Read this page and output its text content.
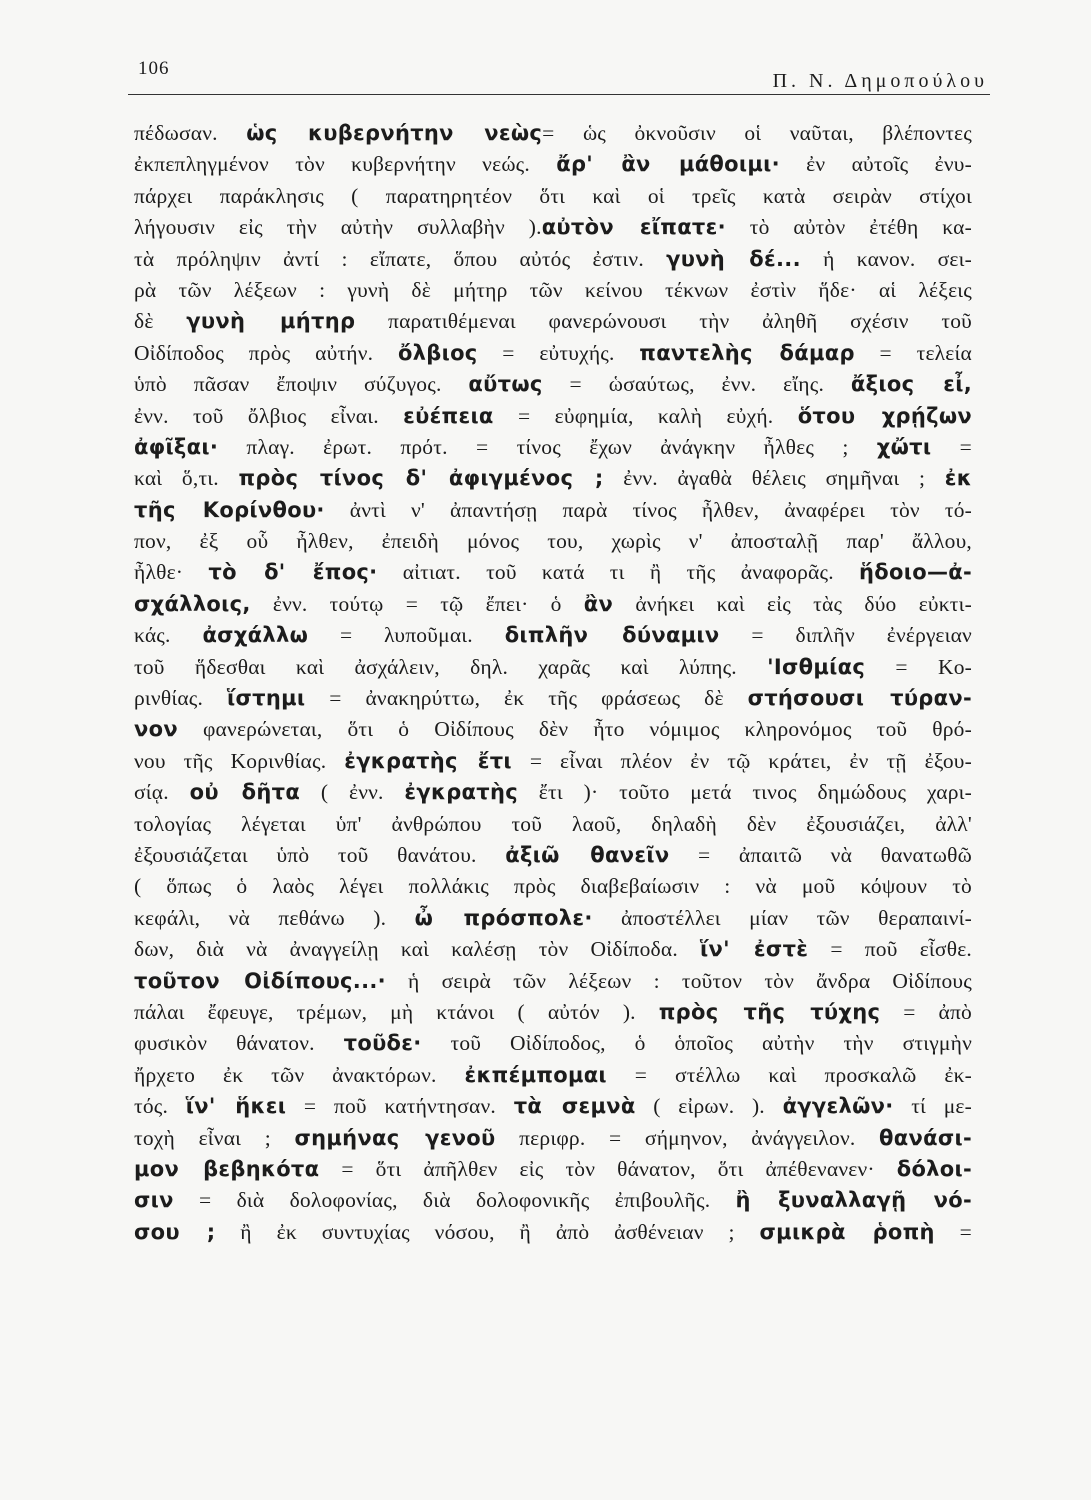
106
Π. Ν. Δημοπούλου
πέδωσαν. ὡς κυβερνήτην νεὼς= ὡς ὀκνοῦσιν οἱ ναῦται, βλέποντες
ἐκπεπληγμένον τὸν κυβερνήτην νεώς. ἄρ' ἂν μάθοιμι· ἐν αὐτοῖς ἐνυ-
πάρχει παράκλησις ( παρατηρητέον ὅτι καὶ οἱ τρεῖς κατὰ σειρὰν στίχοι
λήγουσιν εἰς τὴν αὐτὴν συλλαβὴν ).αὐτὸν εἴπατε· τὸ αὐτὸν ἐτέθη κα-
τὰ πρόληψιν ἀντί : εἴπατε, ὅπου αὐτός ἐστιν. γυνὴ δέ... ἡ κανον. σει-
ρὰ τῶν λέξεων : γυνὴ δὲ μήτηρ τῶν κείνου τέκνων ἐστὶν ἥδε· αἱ λέξεις
δὲ γυνὴ μήτηρ παρατιθέμεναι φανερώνουσι τὴν ἀληθῆ σχέσιν τοῦ
Οἰδίποδος πρὸς αὐτήν. ὄλβιος = εὐτυχής. παντελὴς δάμαρ = τελεία
ὑπὸ πᾶσαν ἔποψιν σύζυγος. αὔτως = ὡσαύτως, ἐνν. εἴης. ἄξιος εἶ,
ἐνν. τοῦ ὄλβιος εἶναι. εὐέπεια = εὐφημία, καλὴ εὐχή. ὅτου χρῄζων
ἀφῖξαι· πλαγ. ἐρωτ. πρότ. = τίνος ἔχων ἀνάγκην ἦλθες ; χὤτι =
καὶ ὅ,τι. πρὸς τίνος δ' ἀφιγμένος ; ἐνν. ἀγαθὰ θέλεις σημῆναι ; ἐκ
τῆς Κορίνθου· ἀντὶ ν' ἀπαντήσῃ παρὰ τίνος ἦλθεν, ἀναφέρει τὸν τό-
πον, ἐξ οὗ ἦλθεν, ἐπειδὴ μόνος του, χωρὶς ν' ἀποσταλῇ παρ' ἄλλου,
ἦλθε· τὸ δ' ἔπος· αἰτιατ. τοῦ κατά τι ἢ τῆς ἀναφορᾶς. ἥδοιο—ἀ-
σχάλλοις, ἐνν. τούτῳ = τῷ ἔπει· ὁ ἂν ἀνήκει καὶ εἰς τὰς δύο εὐκτι-
κάς. ἀσχάλλω = λυποῦμαι. διπλῆν δύναμιν = διπλῆν ἐνέργειαν
τοῦ ἥδεσθαι καὶ ἀσχάλειν, δηλ. χαρᾶς καὶ λύπης. 'Ισθμίας = Κο-
ρινθίας. ἵστημι = ἀνακηρύττω, ἐκ τῆς φράσεως δὲ στήσουσι τύραν-
νον φανερώνεται, ὅτι ὁ Οἰδίπους δὲν ἦτο νόμιμος κληρονόμος τοῦ θρό-
νου τῆς Κορινθίας. ἐγκρατὴς ἔτι = εἶναι πλέον ἐν τῷ κράτει, ἐν τῇ ἐξου-
σίᾳ. οὐ δῆτα ( ἐνν. ἐγκρατὴς ἔτι )· τοῦτο μετά τινος δημώδους χαρι-
τολογίας λέγεται ὑπ' ἀνθρώπου τοῦ λαοῦ, δηλαδὴ δὲν ἐξουσιάζει, ἀλλ'
ἐξουσιάζεται ὑπὸ τοῦ θανάτου. ἀξιῶ θανεῖν = ἀπαιτῶ νὰ θανατωθῶ
( ὅπως ὁ λαὸς λέγει πολλάκις πρὸς διαβεβαίωσιν : νὰ μοῦ κόψουν τὸ
κεφάλι, νὰ πεθάνω ). ὦ πρόσπολε· ἀποστέλλει μίαν τῶν θεραπαινί-
δων, διὰ νὰ ἀναγγείλῃ καὶ καλέσῃ τὸν Οἰδίποδα. ἵν' ἐστὲ = ποῦ εἶσθε.
τοῦτον Οἰδίπους...· ἡ σειρὰ τῶν λέξεων : τοῦτον τὸν ἄνδρα Οἰδίπους
πάλαι ἔφευγε, τρέμων, μὴ κτάνοι ( αὐτόν ). πρὸς τῆς τύχης = ἀπὸ
φυσικὸν θάνατον. τοῦδε· τοῦ Οἰδίποδος, ὁ ὁποῖος αὐτὴν τὴν στιγμὴν
ἤρχετο ἐκ τῶν ἀνακτόρων. ἐκπέμπομαι = στέλλω καὶ προσκαλῶ ἐκ-
τός. ἵν' ἥκει = ποῦ κατήντησαν. τὰ σεμνὰ ( εἰρων. ). ἀγγελῶν· τί με-
τοχὴ εἶναι ; σημήνας γενοῦ περιφρ. = σήμηνον, ἀνάγγειλον. θανάσι-
μον βεβηκότα = ὅτι ἀπῆλθεν εἰς τὸν θάνατον, ὅτι ἀπέθενανεν· δόλοι-
σιν = διὰ δολοφονίας, διὰ δολοφονικῆς ἐπιβουλῆς. ἢ ξυναλλαγῇ νό-
σου ; ἢ ἐκ συντυχίας νόσου, ἢ ἀπὸ ἀσθένειαν ; σμικρὰ ῥοπὴ =
